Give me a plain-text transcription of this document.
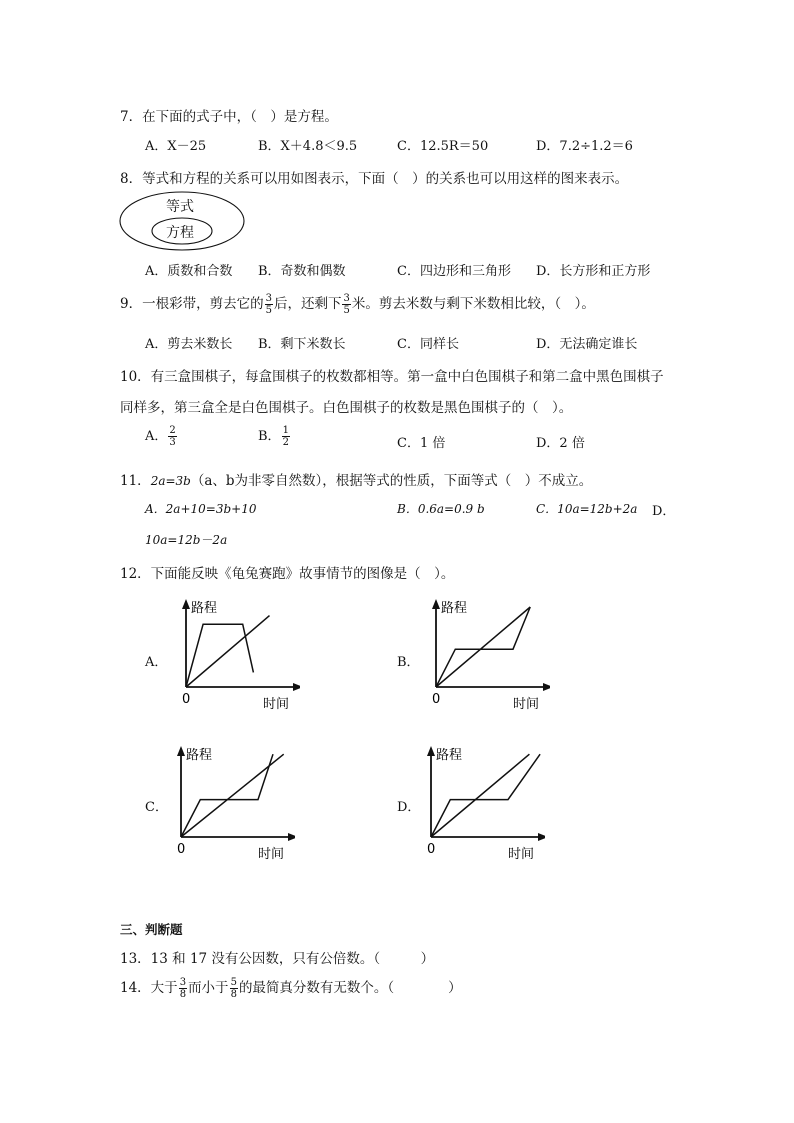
7．在下面的式子中，（　）是方程。
A．X－25	B．X＋4.8＜9.5	C．12.5R＝50	D．7.2÷1.2＝6
8．等式和方程的关系可以用如图表示，下面（　）的关系也可以用这样的图来表示。
等式
方程
A．质数和合数 B．奇数和偶数	C．四边形和三角形 D．长方形和正方形
9．一根彩带，剪去它的 $\frac{3}{5}$ 后，还剩下 $\frac{3}{5}$ 米。剪去米数与剩下米数相比较，（　）。
A．剪去米数长 B．剩下米数长	C．同样长	D．无法确定谁长
10．有三盒围棋子，每盒围棋子的枚数都相等。第一盒中白色围棋子和第二盒中黑色围棋子
同样多，第三盒全是白色围棋子。白色围棋子的枚数是黑色围棋子的（　）。
A． $\frac{2}{3}$	B． $\frac{1}{2}$	C．1 倍	D．2 倍
11．2a=3b（a、b为非零自然数），根据等式的性质，下面等式（　）不成立。
A．2a+10=3b+10	B．0.6a=0.9 b	C．10a=12b+2a D．
10a=12b－2a
12．下面能反映《龟兔赛跑》故事情节的图像是（　）。
A．
路程
时间
0
B．
路程
时间
0
C．
路程
时间
0
D．
路程
时间
0
三、判断题
13．13 和 17 没有公因数，只有公倍数。（　　　）
14．大于 $\frac{3}{8}$ 而小于 $\frac{5}{8}$ 的最简真分数有无数个。（　　　　）
